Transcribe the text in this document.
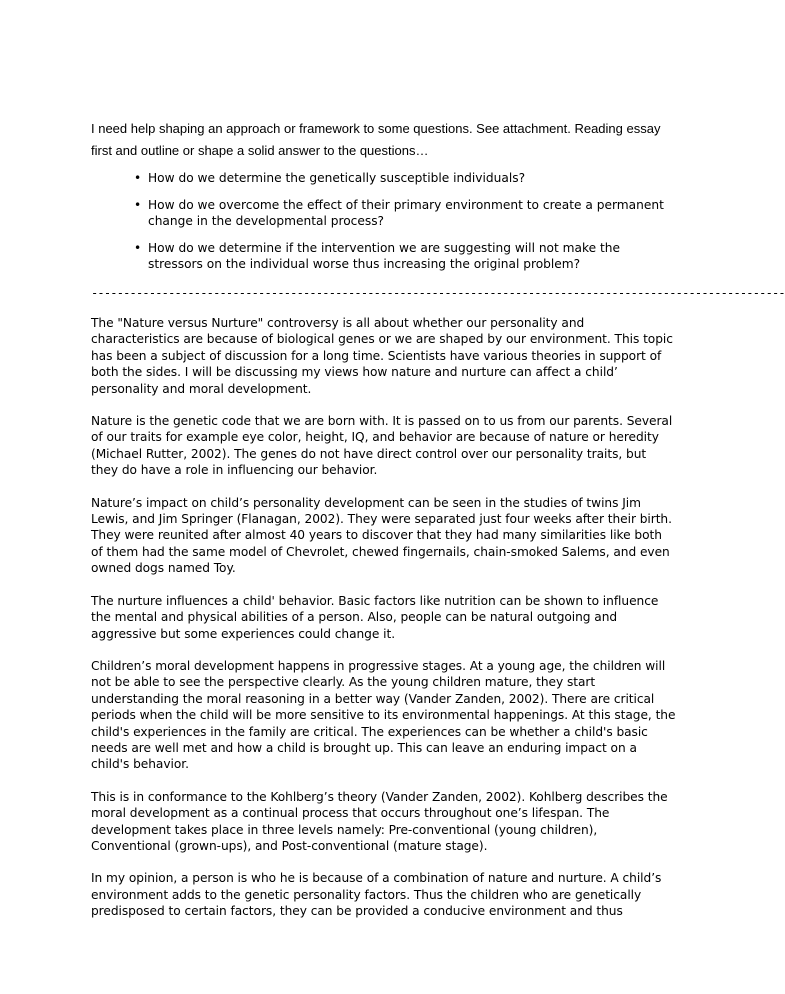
I need help shaping an approach or framework to some questions. See attachment. Reading essay first and outline or shape a solid answer to the questions…

• How do we determine the genetically susceptible individuals?
• How do we overcome the effect of their primary environment to create a permanent change in the developmental process?
• How do we determine if the intervention we are suggesting will not make the stressors on the individual worse thus increasing the original problem?
------------------------------------------------------------------------------------------------------------

The "Nature versus Nurture" controversy is all about whether our personality and characteristics are because of biological genes or we are shaped by our environment. This topic has been a subject of discussion for a long time. Scientists have various theories in support of both the sides. I will be discussing my views how nature and nurture can affect a child’ personality and moral development.

Nature is the genetic code that we are born with. It is passed on to us from our parents. Several of our traits for example eye color, height, IQ, and behavior are because of nature or heredity (Michael Rutter, 2002). The genes do not have direct control over our personality traits, but they do have a role in influencing our behavior.

Nature’s impact on child’s personality development can be seen in the studies of twins Jim Lewis, and Jim Springer (Flanagan, 2002). They were separated just four weeks after their birth. They were reunited after almost 40 years to discover that they had many similarities like both of them had the same model of Chevrolet, chewed fingernails, chain-smoked Salems, and even owned dogs named Toy.

The nurture influences a child' behavior. Basic factors like nutrition can be shown to influence the mental and physical abilities of a person. Also, people can be natural outgoing and aggressive but some experiences could change it.

Children’s moral development happens in progressive stages. At a young age, the children will not be able to see the perspective clearly. As the young children mature, they start understanding the moral reasoning in a better way (Vander Zanden, 2002). There are critical periods when the child will be more sensitive to its environmental happenings. At this stage, the child's experiences in the family are critical. The experiences can be whether a child's basic needs are well met and how a child is brought up. This can leave an enduring impact on a child's behavior.

This is in conformance to the Kohlberg’s theory (Vander Zanden, 2002). Kohlberg describes the moral development as a continual process that occurs throughout one’s lifespan. The development takes place in three levels namely: Pre-conventional (young children), Conventional (grown-ups), and Post-conventional (mature stage).

In my opinion, a person is who he is because of a combination of nature and nurture. A child’s environment adds to the genetic personality factors. Thus the children who are genetically predisposed to certain factors, they can be provided a conducive environment and thus
